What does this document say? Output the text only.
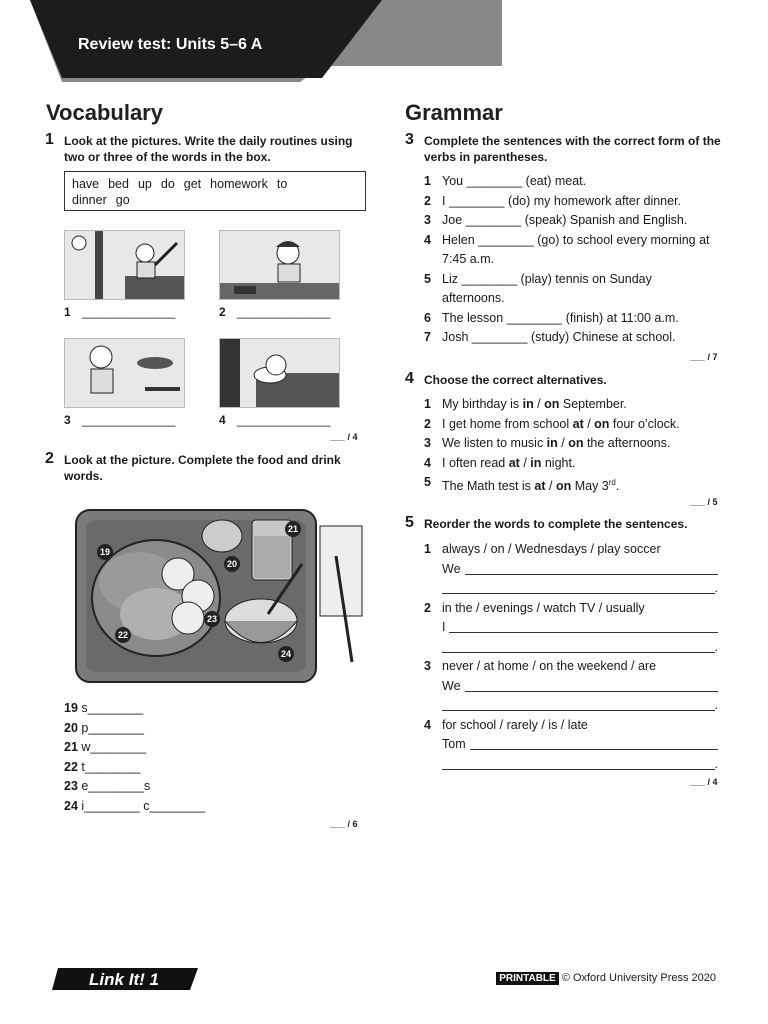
Review test: Units 5–6 A
Vocabulary
1 Look at the pictures. Write the daily routines using two or three of the words in the box.
have bed up do get homework to
dinner go
1 ______________	2 ______________
3 ______________	4 ______________
___ / 4
2 Look at the picture. Complete the food and drink words.
19
20
21
22
23
24
19 s________
20 p________
21 w________
22 t________
23 e________s
24 i________ c________
___ / 6
Grammar
3 Complete the sentences with the correct form of the verbs in parentheses.
1 You ________ (eat) meat.
2 I ________ (do) my homework after dinner.
3 Joe ________ (speak) Spanish and English.
4 Helen ________ (go) to school every morning at 7:45 a.m.
5 Liz ________ (play) tennis on Sunday afternoons.
6 The lesson ________ (finish) at 11:00 a.m.
7 Josh ________ (study) Chinese at school.
___ / 7
4 Choose the correct alternatives.
1 My birthday is in / on September.
2 I get home from school at / on four o’clock.
3 We listen to music in / on the afternoons.
4 I often read at / in night.
5 The Math test is at / on May 3rd.
___ / 5
5 Reorder the words to complete the sentences.
1 always / on / Wednesdays / play soccer
We
.
2 in the / evenings / watch TV / usually
I
.
3 never / at home / on the weekend / are
We
.
4 for school / rarely / is / late
Tom
.
___ / 4
Link It! 1	PRINTABLE © Oxford University Press 2020
